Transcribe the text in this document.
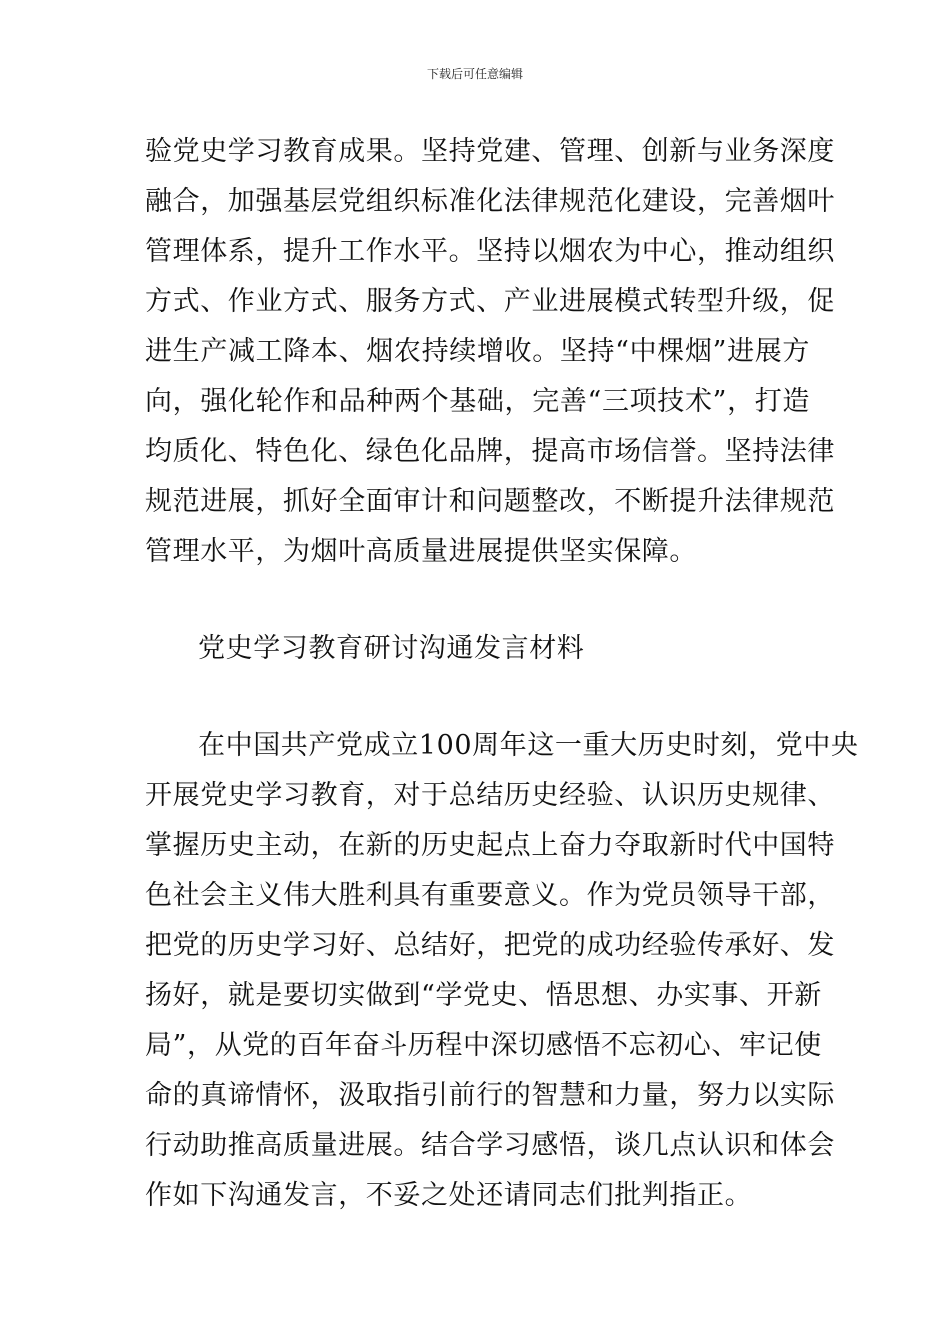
下载后可任意编辑
验党史学习教育成果。坚持党建、管理、创新与业务深度
融合，加强基层党组织标准化法律规范化建设，完善烟叶
管理体系，提升工作水平。坚持以烟农为中心，推动组织
方式、作业方式、服务方式、产业进展模式转型升级，促
进生产减工降本、烟农持续增收。坚持“中棵烟”进展方
向，强化轮作和品种两个基础，完善“三项技术”，打造
均质化、特色化、绿色化品牌，提高市场信誉。坚持法律
规范进展，抓好全面审计和问题整改，不断提升法律规范
管理水平，为烟叶高质量进展提供坚实保障。
党史学习教育研讨沟通发言材料
在中国共产党成立100周年这一重大历史时刻，党中央
开展党史学习教育，对于总结历史经验、认识历史规律、
掌握历史主动，在新的历史起点上奋力夺取新时代中国特
色社会主义伟大胜利具有重要意义。作为党员领导干部，
把党的历史学习好、总结好，把党的成功经验传承好、发
扬好，就是要切实做到“学党史、悟思想、办实事、开新
局”，从党的百年奋斗历程中深切感悟不忘初心、牢记使
命的真谛情怀，汲取指引前行的智慧和力量，努力以实际
行动助推高质量进展。结合学习感悟，谈几点认识和体会
作如下沟通发言，不妥之处还请同志们批判指正。
